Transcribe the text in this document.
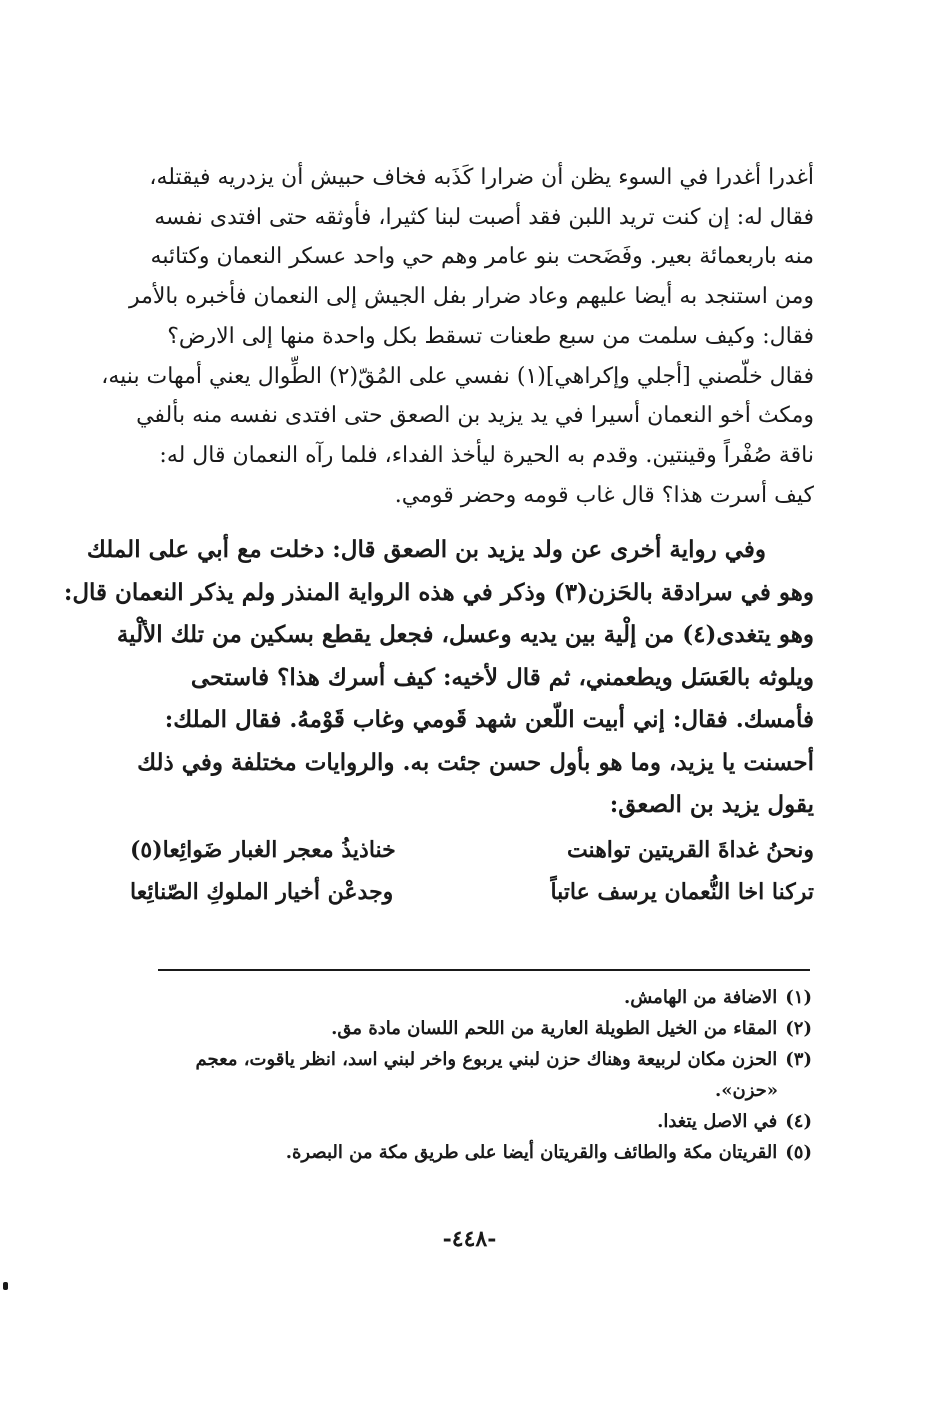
أغدرا أغدرا في السوء يظن أن ضرارا كَذَبه فخاف حبيش أن يزدريه فيقتله،
فقال له: إن كنت تريد اللبن فقد أصبت لبنا كثيرا، فأوثقه حتى افتدى نفسه
منه باربعمائة بعير. وفَضَحت بنو عامر وهم حي واحد عسكر النعمان وكتائبه
ومن استنجد به أيضا عليهم وعاد ضرار بفل الجيش إلى النعمان فأخبره بالأمر
فقال: وكيف سلمت من سبع طعنات تسقط بكل واحدة منها إلى الارض؟
فقال خلّصني [أجلي وإكراهي](١) نفسي على المُقّ(٢) الطِّوال يعني أمهات بنيه،
ومكث أخو النعمان أسيرا في يد يزيد بن الصعق حتى افتدى نفسه منه بألفي
ناقة صُفْراً وقينتين. وقدم به الحيرة ليأخذ الفداء، فلما رآه النعمان قال له:
كيف أسرت هذا؟ قال غاب قومه وحضر قومي.
وفي رواية أخرى عن ولد يزيد بن الصعق قال: دخلت مع أبي على الملك
وهو في سرادقة بالحَزن(٣) وذكر في هذه الرواية المنذر ولم يذكر النعمان قال:
وهو يتغدى(٤) من إلْية بين يديه وعسل، فجعل يقطع بسكين من تلك الألْية
ويلوثه بالعَسَل ويطعمني، ثم قال لأخيه: كيف أسرك هذا؟ فاستحى
فأمسك. فقال: إني أبيت اللّعن شهد قَومي وغاب قَوْمهُ. فقال الملك:
أحسنت يا يزيد، وما هو بأول حسن جئت به. والروايات مختلفة وفي ذلك
يقول يزيد بن الصعق:
ونحنُ غداةَ القريتين تواهنت
خناذيذُ معجر الغبار ضَوائِعا(٥)
تركنا اخا النُّعمان يرسف عاتباً
وجدعْن أخيار الملوكِ الصّنائِعا
(١)
الاضافة من الهامش.
(٢)
المقاء من الخيل الطويلة العارية من اللحم اللسان مادة مق.
(٣)
الحزن مكان لربيعة وهناك حزن لبني يربوع واخر لبني اسد، انظر ياقوت، معجم
«حزن».
(٤)
في الاصل يتغدا.
(٥)
القريتان مكة والطائف والقريتان أيضا على طريق مكة من البصرة.
-٤٤٨-
